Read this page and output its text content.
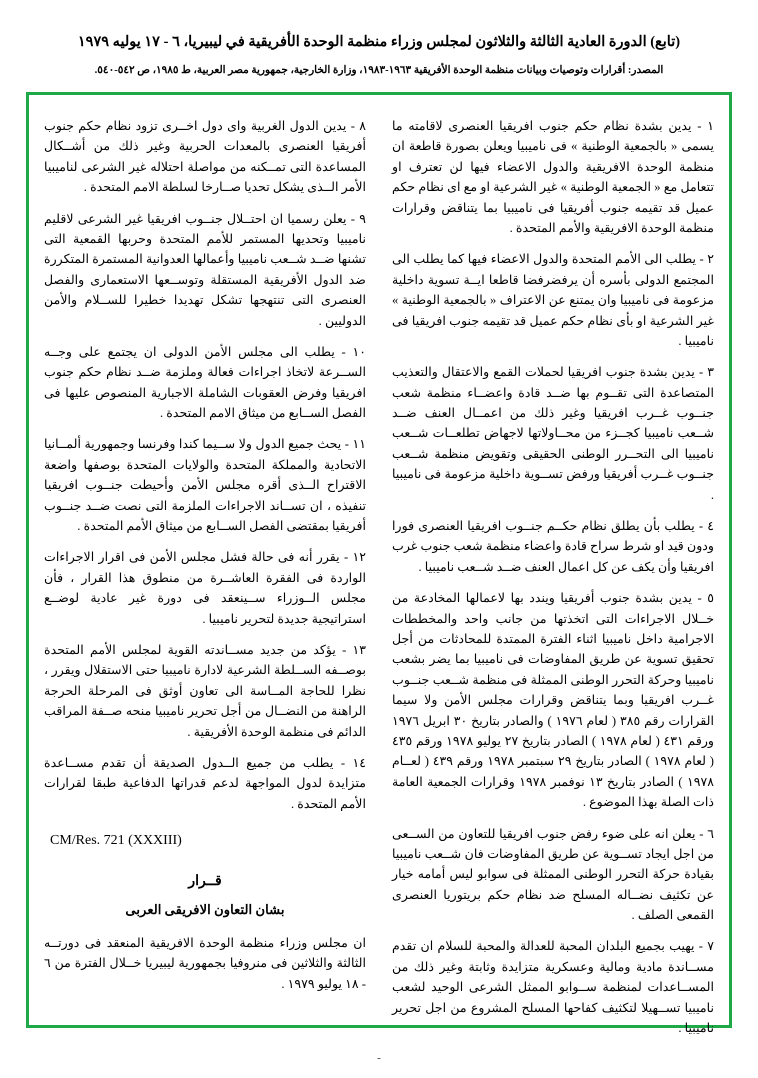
(تابع) الدورة العادية الثالثة والثلاثون لمجلس وزراء منظمة الوحدة الأفريقية في ليبيريا، ٦ - ١٧ يوليه ١٩٧٩
المصدر: أقرارات وتوصيات وبيانات منظمة الوحدة الأفريقية ١٩٦٣-١٩٨٣، وزارة الخارجية، جمهورية مصر العربية، ط ١٩٨٥، ص ٥٤٢-٥٤٠.

١ - يدين بشدة نظام حكم جنوب افريقيا العنصرى لاقامته ما يسمى « بالجمعية الوطنية » فى ناميبيا ويعلن بصورة قاطعة ان منظمة الوحدة الافريقية والدول الاعضاء فيها لن تعترف او تتعامل مع « الجمعية الوطنية » غير الشرعية او مع اى نظام حكم عميل قد تقيمه جنوب أفريقيا فى ناميبيا بما يتناقض وقرارات منظمة الوحدة الافريقية والأمم المتحدة .

٢ - يطلب الى الأمم المتحدة والدول الاعضاء فيها كما يطلب الى المجتمع الدولى بأسره أن يرفضرفضا قاطعا ايــة تسوية داخلية مزعومة فى ناميبيا وان يمتنع عن الاعتراف « بالجمعية الوطنية » غير الشرعية او بأى نظام حكم عميل قد تقيمه جنوب افريقيا فى ناميبيا .

٣ - يدين بشدة جنوب افريقيا لحملات القمع والاعتقال والتعذيب المتصاعدة التى تقــوم بها ضــد قادة واعضــاء منظمة شعب جنــوب غــرب افريقيا وغير ذلك من اعمــال العنف ضــد شــعب ناميبيا كجــزء من محــاولاتها لاجهاض تطلعــات شــعب ناميبيا الى التحــرر الوطنى الحقيقى وتقويض منظمة شــعب جنــوب غــرب أفريقيا ورفض تســوية داخلية مزعومة فى ناميبيا .

٤ - يطلب بأن يطلق نظام حكــم جنــوب افريقيا العنصرى فورا ودون قيد او شرط سراح قادة واعضاء منظمة شعب جنوب غرب افريقيا وأن يكف عن كل اعمال العنف ضــد شــعب ناميبيا .

٥ - يدين بشدة جنوب أفريقيا ويندد بها لاعمالها المخادعة من خــلال الاجراءات التى اتخذتها من جانب واحد والمخططات الاجرامية داخل ناميبيا اثناء الفترة الممتدة للمحادثات من أجل تحقيق تسوية عن طريق المفاوضات فى ناميبيا بما يضر بشعب ناميبيا وحركة التحرر الوطنى الممثلة فى منظمة شــعب جنــوب غــرب افريقيا وبما يتناقض وقرارات مجلس الأمن ولا سيما القرارات رقم ٣٨٥ ( لعام ١٩٧٦ ) والصادر بتاريخ ٣٠ ابريل ١٩٧٦ ورقم ٤٣١ ( لعام ١٩٧٨ ) الصادر بتاريخ ٢٧ يوليو ١٩٧٨ ورقم ٤٣٥ ( لعام ١٩٧٨ ) الصادر بتاريخ ٢٩ سبتمبر ١٩٧٨ ورقم ٤٣٩ ( لعــام ١٩٧٨ ) الصادر بتاريخ ١٣ نوفمبر ١٩٧٨ وقرارات الجمعية العامة ذات الصلة بهذا الموضوع .

٦ - يعلن انه على ضوء رفض جنوب افريقيا للتعاون من الســعى من اجل ايجاد تســوية عن طريق المفاوضات فان شــعب ناميبيا بقيادة حركة التحرر الوطنى الممثلة فى سوابو ليس أمامه خيار عن تكثيف نضــاله المسلح ضد نظام حكم بريتوريا العنصرى القمعى الصلف .

٧ - يهيب بجميع البلدان المحبة للعدالة والمحبة للسلام ان تقدم مســاندة مادية ومالية وعسكرية متزايدة وثابتة وغير ذلك من المســاعدات لمنظمة ســوابو الممثل الشرعى الوحيد لشعب ناميبيا تســهيلا لتكثيف كفاحها المسلح المشروع من اجل تحرير ناميبيا .

٨ - يدين الدول الغربية واى دول اخــرى تزود نظام حكم جنوب أفريقيا العنصرى بالمعدات الحربية وغير ذلك من أشــكال المساعدة التى تمــكنه من مواصلة احتلاله غير الشرعى لناميبيا الأمر الــذى يشكل تحديا صــارخا لسلطة الامم المتحدة .

٩ - يعلن رسميا ان احتــلال جنــوب افريقيا غير الشرعى لاقليم ناميبيا وتحديها المستمر للأمم المتحدة وحربها القمعية التى تشنها ضــد شــعب ناميبيا وأعمالها العدوانية المستمرة المتكررة ضد الدول الأفريقية المستقلة وتوســعها الاستعمارى والفصل العنصرى التى تنتهجها تشكل تهديدا خطيرا للســلام والأمن الدوليين .

١٠ - يطلب الى مجلس الأمن الدولى ان يجتمع على وجــه الســرعة لاتخاذ اجراءات فعالة وملزمة ضــد نظام حكم جنوب افريقيا وفرض العقوبات الشاملة الاجبارية المنصوص عليها فى الفصل الســابع من ميثاق الامم المتحدة .

١١ - يحث جميع الدول ولا ســيما كندا وفرنسا وجمهورية ألمــانيا الاتحادية والمملكة المتحدة والولايات المتحدة بوصفها واضعة الاقتراح الــذى أقره مجلس الأمن وأحيطت جنــوب افريقيا تنفيذه ، ان تســاند الاجراءات الملزمة التى نصت ضــد جنــوب أفريقيا بمقتضى الفصل الســابع من ميثاق الأمم المتحدة .

١٢ - يقرر أنه فى حالة فشل مجلس الأمن فى اقرار الاجراءات الواردة فى الفقرة العاشــرة من منطوق هذا القرار ، فأن مجلس الــوزراء ســينعقد فى دورة غير عادية لوضــع استراتيجية جديدة لتحرير ناميبيا .

١٣ - يؤكد من جديد مســاندته القوية لمجلس الأمم المتحدة بوصــفه الســلطة الشرعية لادارة ناميبيا حتى الاستقلال ويقرر ، نظرا للحاجة المــاسة الى تعاون أوثق فى المرحلة الحرجة الراهنة من النضــال من أجل تحرير ناميبيا منحه صــفة المراقب الدائم فى منظمة الوحدة الأفريقية .

١٤ - يطلب من جميع الــدول الصديقة أن تقدم مســاعدة متزايدة لدول المواجهة لدعم قدراتها الدفاعية طبقا لقرارات الأمم المتحدة .

CM/Res. 721 (XXXIII)
قــرار
بشان التعاون الافريقى العربى

ان مجلس وزراء منظمة الوحدة الافريقية المنعقد فى دورتــه الثالثة والثلاثين فى منروفيا بجمهورية ليبيريا خــلال الفترة من ٦ - ١٨ يوليو ١٩٧٩ .

-
